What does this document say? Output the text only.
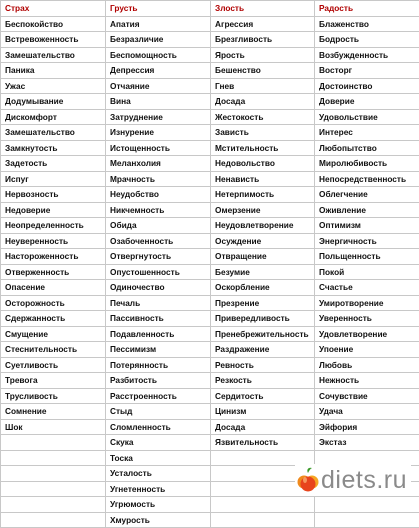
Страх	Грусть	Злость	Радость
Беспокойство	Апатия	Агрессия	Блаженство
Встревоженность	Безразличие	Брезгливость	Бодрость
Замешательство	Беспомощность	Ярость	Возбужденность
Паника	Депрессия	Бешенство	Восторг
Ужас	Отчаяние	Гнев	Достоинство
Додумывание	Вина	Досада	Доверие
Дискомфорт	Затруднение	Жестокость	Удовольствие
Замешательство	Изнурение	Зависть	Интерес
Замкнутость	Истощенность	Мстительность	Любопытство
Задетость	Меланхолия	Недовольство	Миролюбивость
Испуг	Мрачность	Ненависть	Непосредственность
Нервозность	Неудобство	Нетерпимость	Облегчение
Недоверие	Никчемность	Омерзение	Оживление
Неопределенность	Обида	Неудовлетворение	Оптимизм
Неуверенность	Озабоченность	Осуждение	Энергичность
Настороженность	Отвергнутость	Отвращение	Польщенность
Отверженность	Опустошенность	Безумие	Покой
Опасение	Одиночество	Оскорбление	Счастье
Осторожность	Печаль	Презрение	Умиротворение
Сдержанность	Пассивность	Привередливость	Уверенность
Смущение	Подавленность	Пренебрежительность	Удовлетворение
Стеснительность	Пессимизм	Раздражение	Упоение
Суетливость	Потерянность	Ревность	Любовь
Тревога	Разбитость	Резкость	Нежность
Трусливость	Расстроенность	Сердитость	Сочувствие
Сомнение	Стыд	Цинизм	Удача
Шок	Сломленность	Досада	Эйфория
	Скука	Язвительность	Экстаз
	Тоска		
	Усталость		
	Угнетенность		
	Угрюмость		
	Хмурость		
diets.ru
